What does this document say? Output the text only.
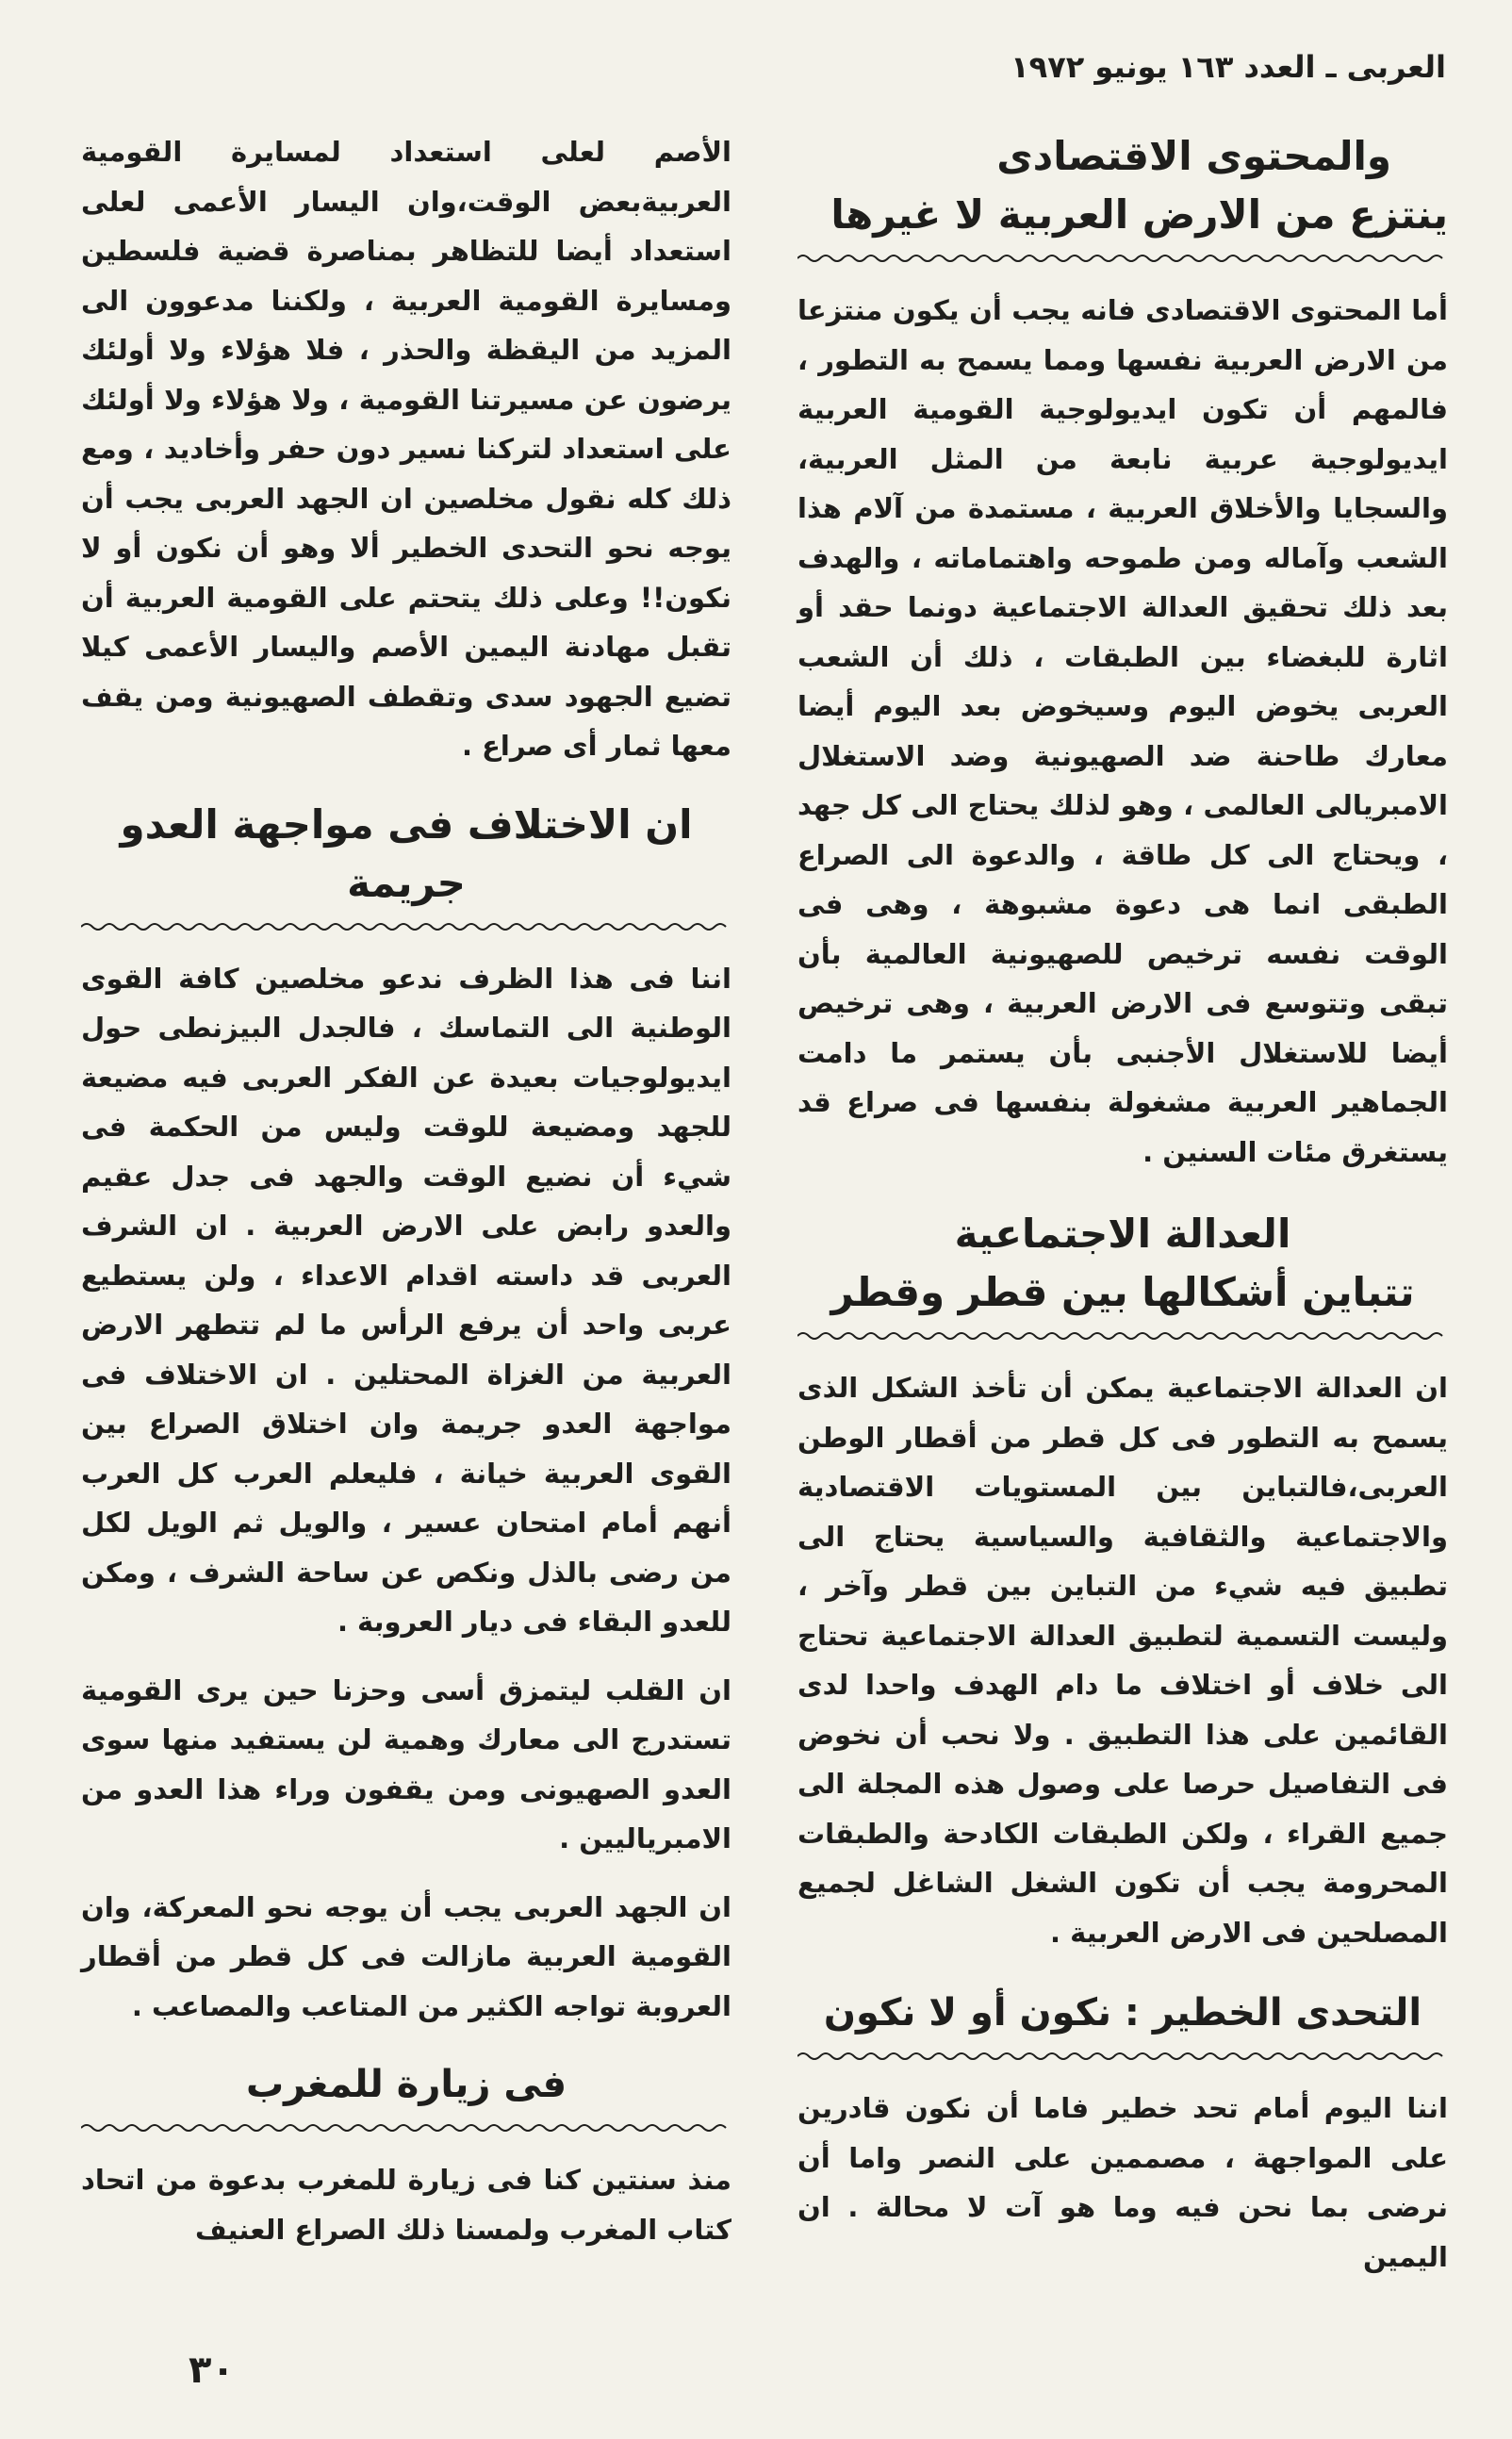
العربى ـ العدد ١٦٣ يونيو ١٩٧٢
والمحتوى الاقتصادى
ينتزع من الارض العربية لا غيرها

أما المحتوى الاقتصادى فانه يجب أن يكون منتزعا من الارض العربية نفسها ومما يسمح به التطور ، فالمهم أن تكون ايديولوجية القومية العربية ايديولوجية عربية نابعة من المثل العربية، والسجايا والأخلاق العربية ، مستمدة من آلام هذا الشعب وآماله ومن طموحه واهتماماته ، والهدف بعد ذلك تحقيق العدالة الاجتماعية دونما حقد أو اثارة للبغضاء بين الطبقات ، ذلك أن الشعب العربى يخوض اليوم وسيخوض بعد اليوم أيضا معارك طاحنة ضد الصهيونية وضد الاستغلال الامبريالى العالمى ، وهو لذلك يحتاج الى كل جهد ، ويحتاج الى كل طاقة ، والدعوة الى الصراع الطبقى انما هى دعوة مشبوهة ، وهى فى الوقت نفسه ترخيص للصهيونية العالمية بأن تبقى وتتوسع فى الارض العربية ، وهى ترخيص أيضا للاستغلال الأجنبى بأن يستمر ما دامت الجماهير العربية مشغولة بنفسها فى صراع قد يستغرق مئات السنين .

العدالة الاجتماعية
تتباين أشكالها بين قطر وقطر

ان العدالة الاجتماعية يمكن أن تأخذ الشكل الذى يسمح به التطور فى كل قطر من أقطار الوطن العربى،فالتباين بين المستويات الاقتصادية والاجتماعية والثقافية والسياسية يحتاج الى تطبيق فيه شيء من التباين بين قطر وآخر ، وليست التسمية لتطبيق العدالة الاجتماعية تحتاج الى خلاف أو اختلاف ما دام الهدف واحدا لدى القائمين على هذا التطبيق . ولا نحب أن نخوض فى التفاصيل حرصا على وصول هذه المجلة الى جميع القراء ، ولكن الطبقات الكادحة والطبقات المحرومة يجب أن تكون الشغل الشاغل لجميع المصلحين فى الارض العربية .

التحدى الخطير : نكون أو لا نكون

اننا اليوم أمام تحد خطير فاما أن نكون قادرين على المواجهة ، مصممين على النصر واما أن نرضى بما نحن فيه وما هو آت لا محالة . ان اليمين

الأصم لعلى استعداد لمسايرة القومية العربيةبعض الوقت،وان اليسار الأعمى لعلى استعداد أيضا للتظاهر بمناصرة قضية فلسطين ومسايرة القومية العربية ، ولكننا مدعوون الى المزيد من اليقظة والحذر ، فلا هؤلاء ولا أولئك يرضون عن مسيرتنا القومية ، ولا هؤلاء ولا أولئك على استعداد لتركنا نسير دون حفر وأخاديد ، ومع ذلك كله نقول مخلصين ان الجهد العربى يجب أن يوجه نحو التحدى الخطير ألا وهو أن نكون أو لا نكون!! وعلى ذلك يتحتم على القومية العربية أن تقبل مهادنة اليمين الأصم واليسار الأعمى كيلا تضيع الجهود سدى وتقطف الصهيونية ومن يقف معها ثمار أى صراع .

ان الاختلاف فى مواجهة العدو جريمة

اننا فى هذا الظرف ندعو مخلصين كافة القوى الوطنية الى التماسك ، فالجدل البيزنطى حول ايديولوجيات بعيدة عن الفكر العربى فيه مضيعة للجهد ومضيعة للوقت وليس من الحكمة فى شيء أن نضيع الوقت والجهد فى جدل عقيم والعدو رابض على الارض العربية . ان الشرف العربى قد داسته اقدام الاعداء ، ولن يستطيع عربى واحد أن يرفع الرأس ما لم تتطهر الارض العربية من الغزاة المحتلين . ان الاختلاف فى مواجهة العدو جريمة وان اختلاق الصراع بين القوى العربية خيانة ، فليعلم العرب كل العرب أنهم أمام امتحان عسير ، والويل ثم الويل لكل من رضى بالذل ونكص عن ساحة الشرف ، ومكن للعدو البقاء فى ديار العروبة .

ان القلب ليتمزق أسى وحزنا حين يرى القومية تستدرج الى معارك وهمية لن يستفيد منها سوى العدو الصهيونى ومن يقفون وراء هذا العدو من الامبرياليين .

ان الجهد العربى يجب أن يوجه نحو المعركة، وان القومية العربية مازالت فى كل قطر من أقطار العروبة تواجه الكثير من المتاعب والمصاعب .

فى زيارة للمغرب

منذ سنتين كنا فى زيارة للمغرب بدعوة من اتحاد كتاب المغرب ولمسنا ذلك الصراع العنيف

٣٠
